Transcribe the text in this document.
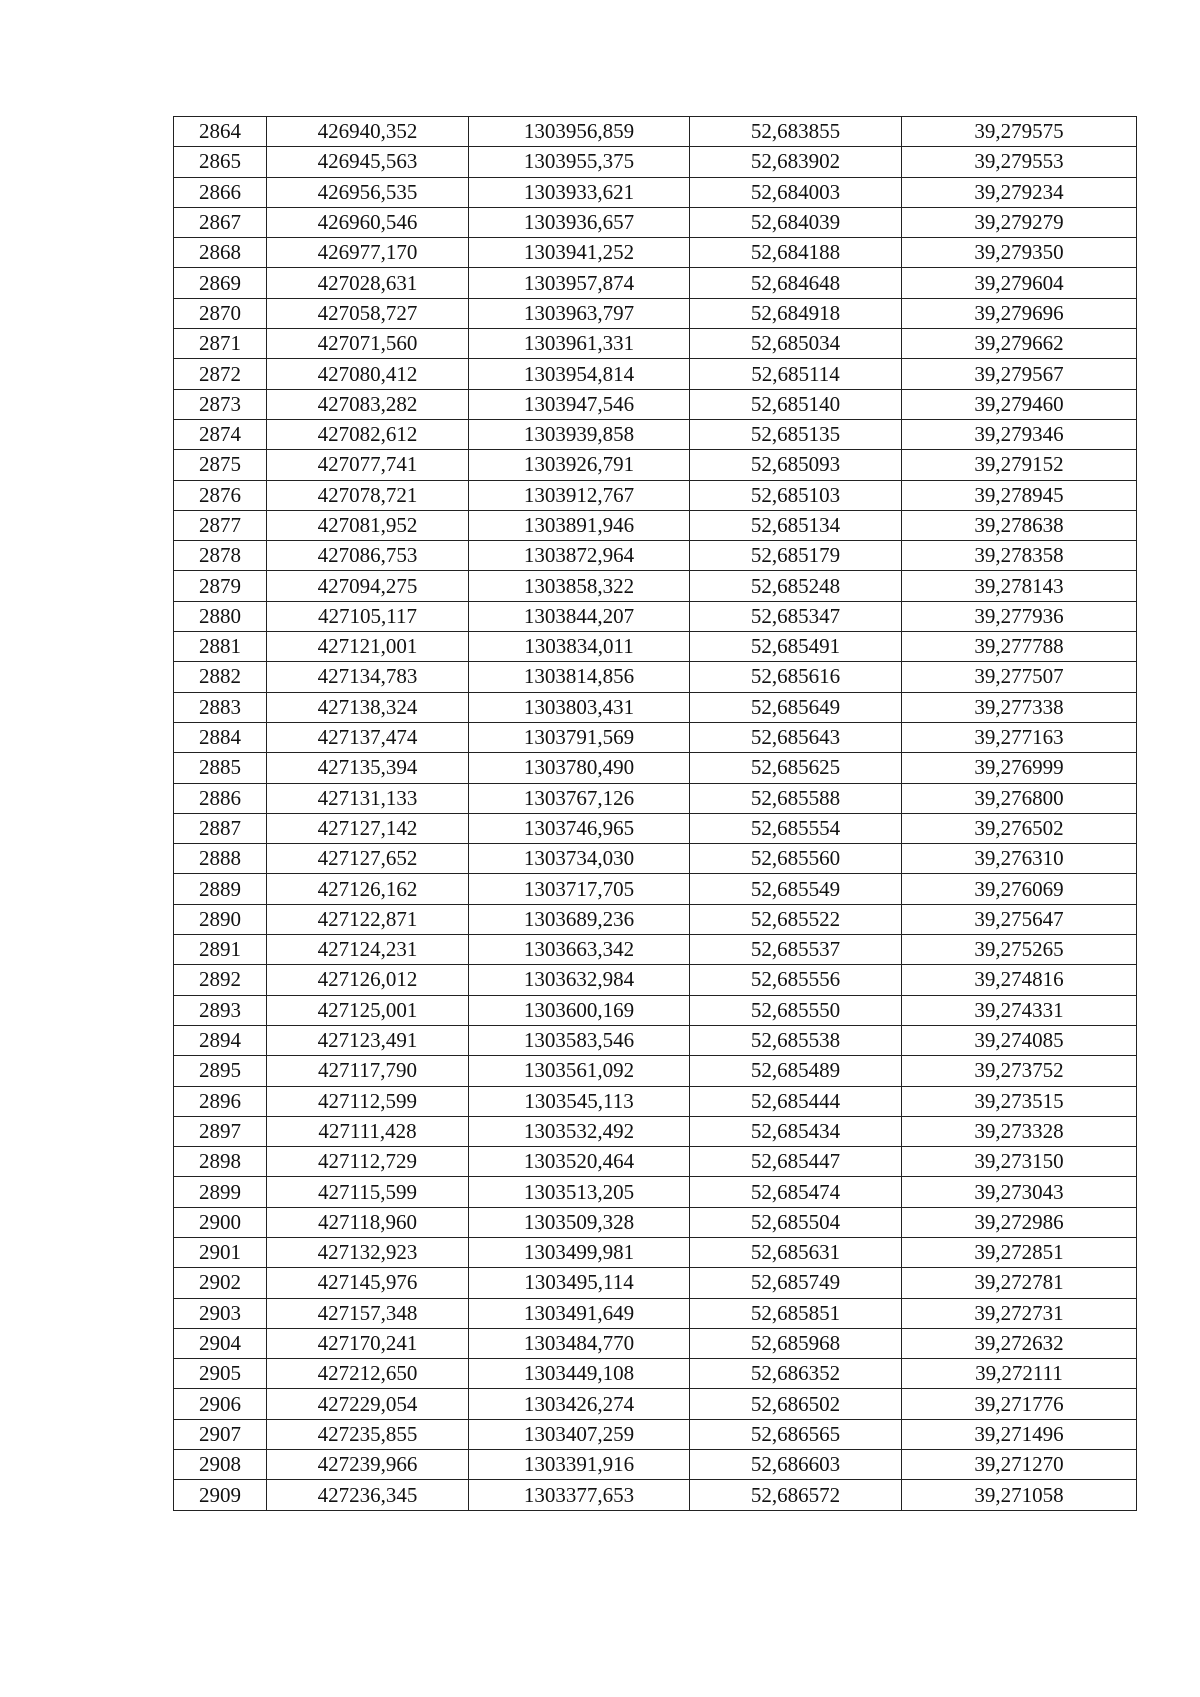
2864	426940,352	1303956,859	52,683855	39,279575
2865	426945,563	1303955,375	52,683902	39,279553
2866	426956,535	1303933,621	52,684003	39,279234
2867	426960,546	1303936,657	52,684039	39,279279
2868	426977,170	1303941,252	52,684188	39,279350
2869	427028,631	1303957,874	52,684648	39,279604
2870	427058,727	1303963,797	52,684918	39,279696
2871	427071,560	1303961,331	52,685034	39,279662
2872	427080,412	1303954,814	52,685114	39,279567
2873	427083,282	1303947,546	52,685140	39,279460
2874	427082,612	1303939,858	52,685135	39,279346
2875	427077,741	1303926,791	52,685093	39,279152
2876	427078,721	1303912,767	52,685103	39,278945
2877	427081,952	1303891,946	52,685134	39,278638
2878	427086,753	1303872,964	52,685179	39,278358
2879	427094,275	1303858,322	52,685248	39,278143
2880	427105,117	1303844,207	52,685347	39,277936
2881	427121,001	1303834,011	52,685491	39,277788
2882	427134,783	1303814,856	52,685616	39,277507
2883	427138,324	1303803,431	52,685649	39,277338
2884	427137,474	1303791,569	52,685643	39,277163
2885	427135,394	1303780,490	52,685625	39,276999
2886	427131,133	1303767,126	52,685588	39,276800
2887	427127,142	1303746,965	52,685554	39,276502
2888	427127,652	1303734,030	52,685560	39,276310
2889	427126,162	1303717,705	52,685549	39,276069
2890	427122,871	1303689,236	52,685522	39,275647
2891	427124,231	1303663,342	52,685537	39,275265
2892	427126,012	1303632,984	52,685556	39,274816
2893	427125,001	1303600,169	52,685550	39,274331
2894	427123,491	1303583,546	52,685538	39,274085
2895	427117,790	1303561,092	52,685489	39,273752
2896	427112,599	1303545,113	52,685444	39,273515
2897	427111,428	1303532,492	52,685434	39,273328
2898	427112,729	1303520,464	52,685447	39,273150
2899	427115,599	1303513,205	52,685474	39,273043
2900	427118,960	1303509,328	52,685504	39,272986
2901	427132,923	1303499,981	52,685631	39,272851
2902	427145,976	1303495,114	52,685749	39,272781
2903	427157,348	1303491,649	52,685851	39,272731
2904	427170,241	1303484,770	52,685968	39,272632
2905	427212,650	1303449,108	52,686352	39,272111
2906	427229,054	1303426,274	52,686502	39,271776
2907	427235,855	1303407,259	52,686565	39,271496
2908	427239,966	1303391,916	52,686603	39,271270
2909	427236,345	1303377,653	52,686572	39,271058
